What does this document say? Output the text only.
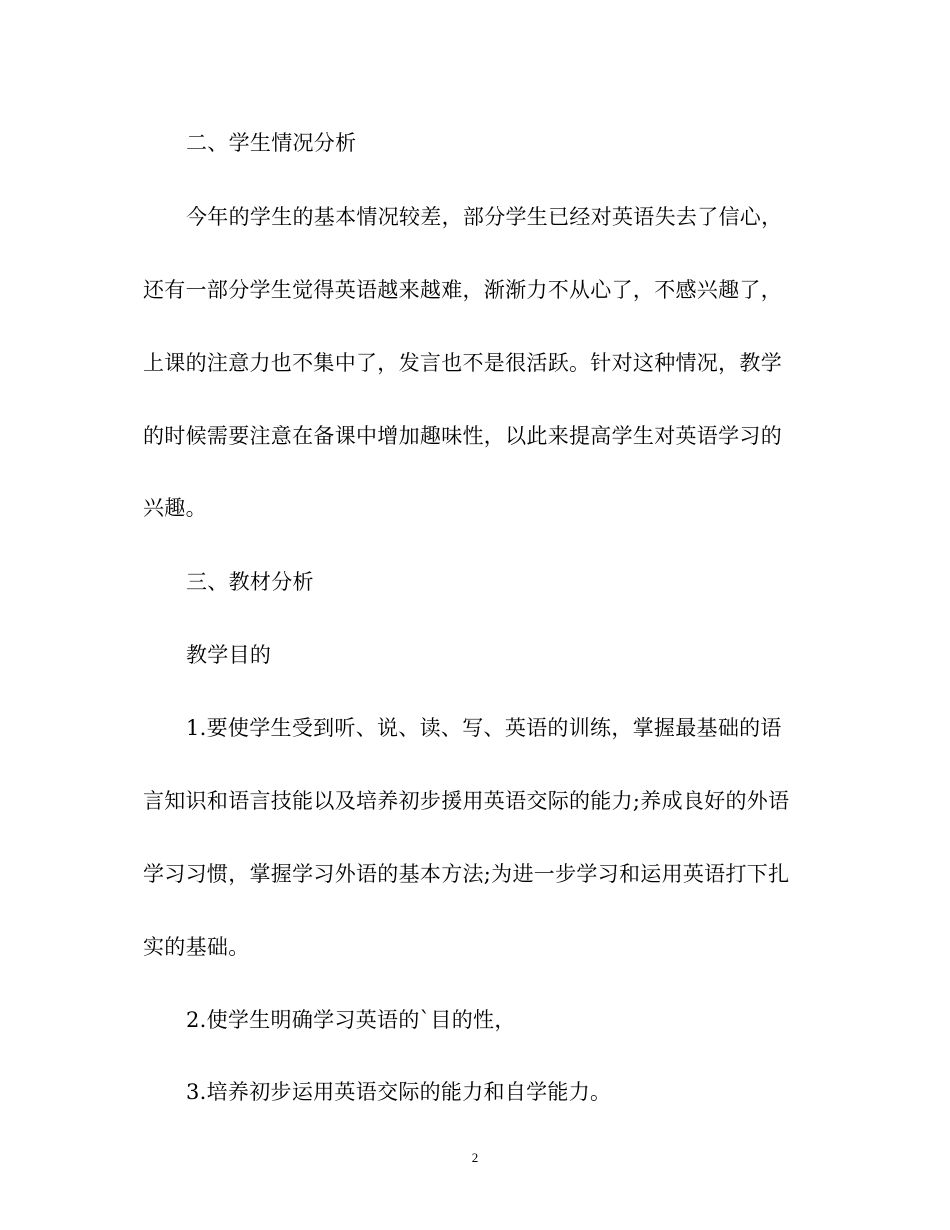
二、学生情况分析
今年的学生的基本情况较差，部分学生已经对英语失去了信心，
还有一部分学生觉得英语越来越难，渐渐力不从心了，不感兴趣了，
上课的注意力也不集中了，发言也不是很活跃。针对这种情况，教学
的时候需要注意在备课中增加趣味性，以此来提高学生对英语学习的
兴趣。
三、教材分析
教学目的
1.要使学生受到听、说、读、写、英语的训练，掌握最基础的语
言知识和语言技能以及培养初步援用英语交际的能力;养成良好的外语
学习习惯，掌握学习外语的基本方法;为进一步学习和运用英语打下扎
实的基础。
2.使学生明确学习英语的`目的性，
3.培养初步运用英语交际的能力和自学能力。
2
